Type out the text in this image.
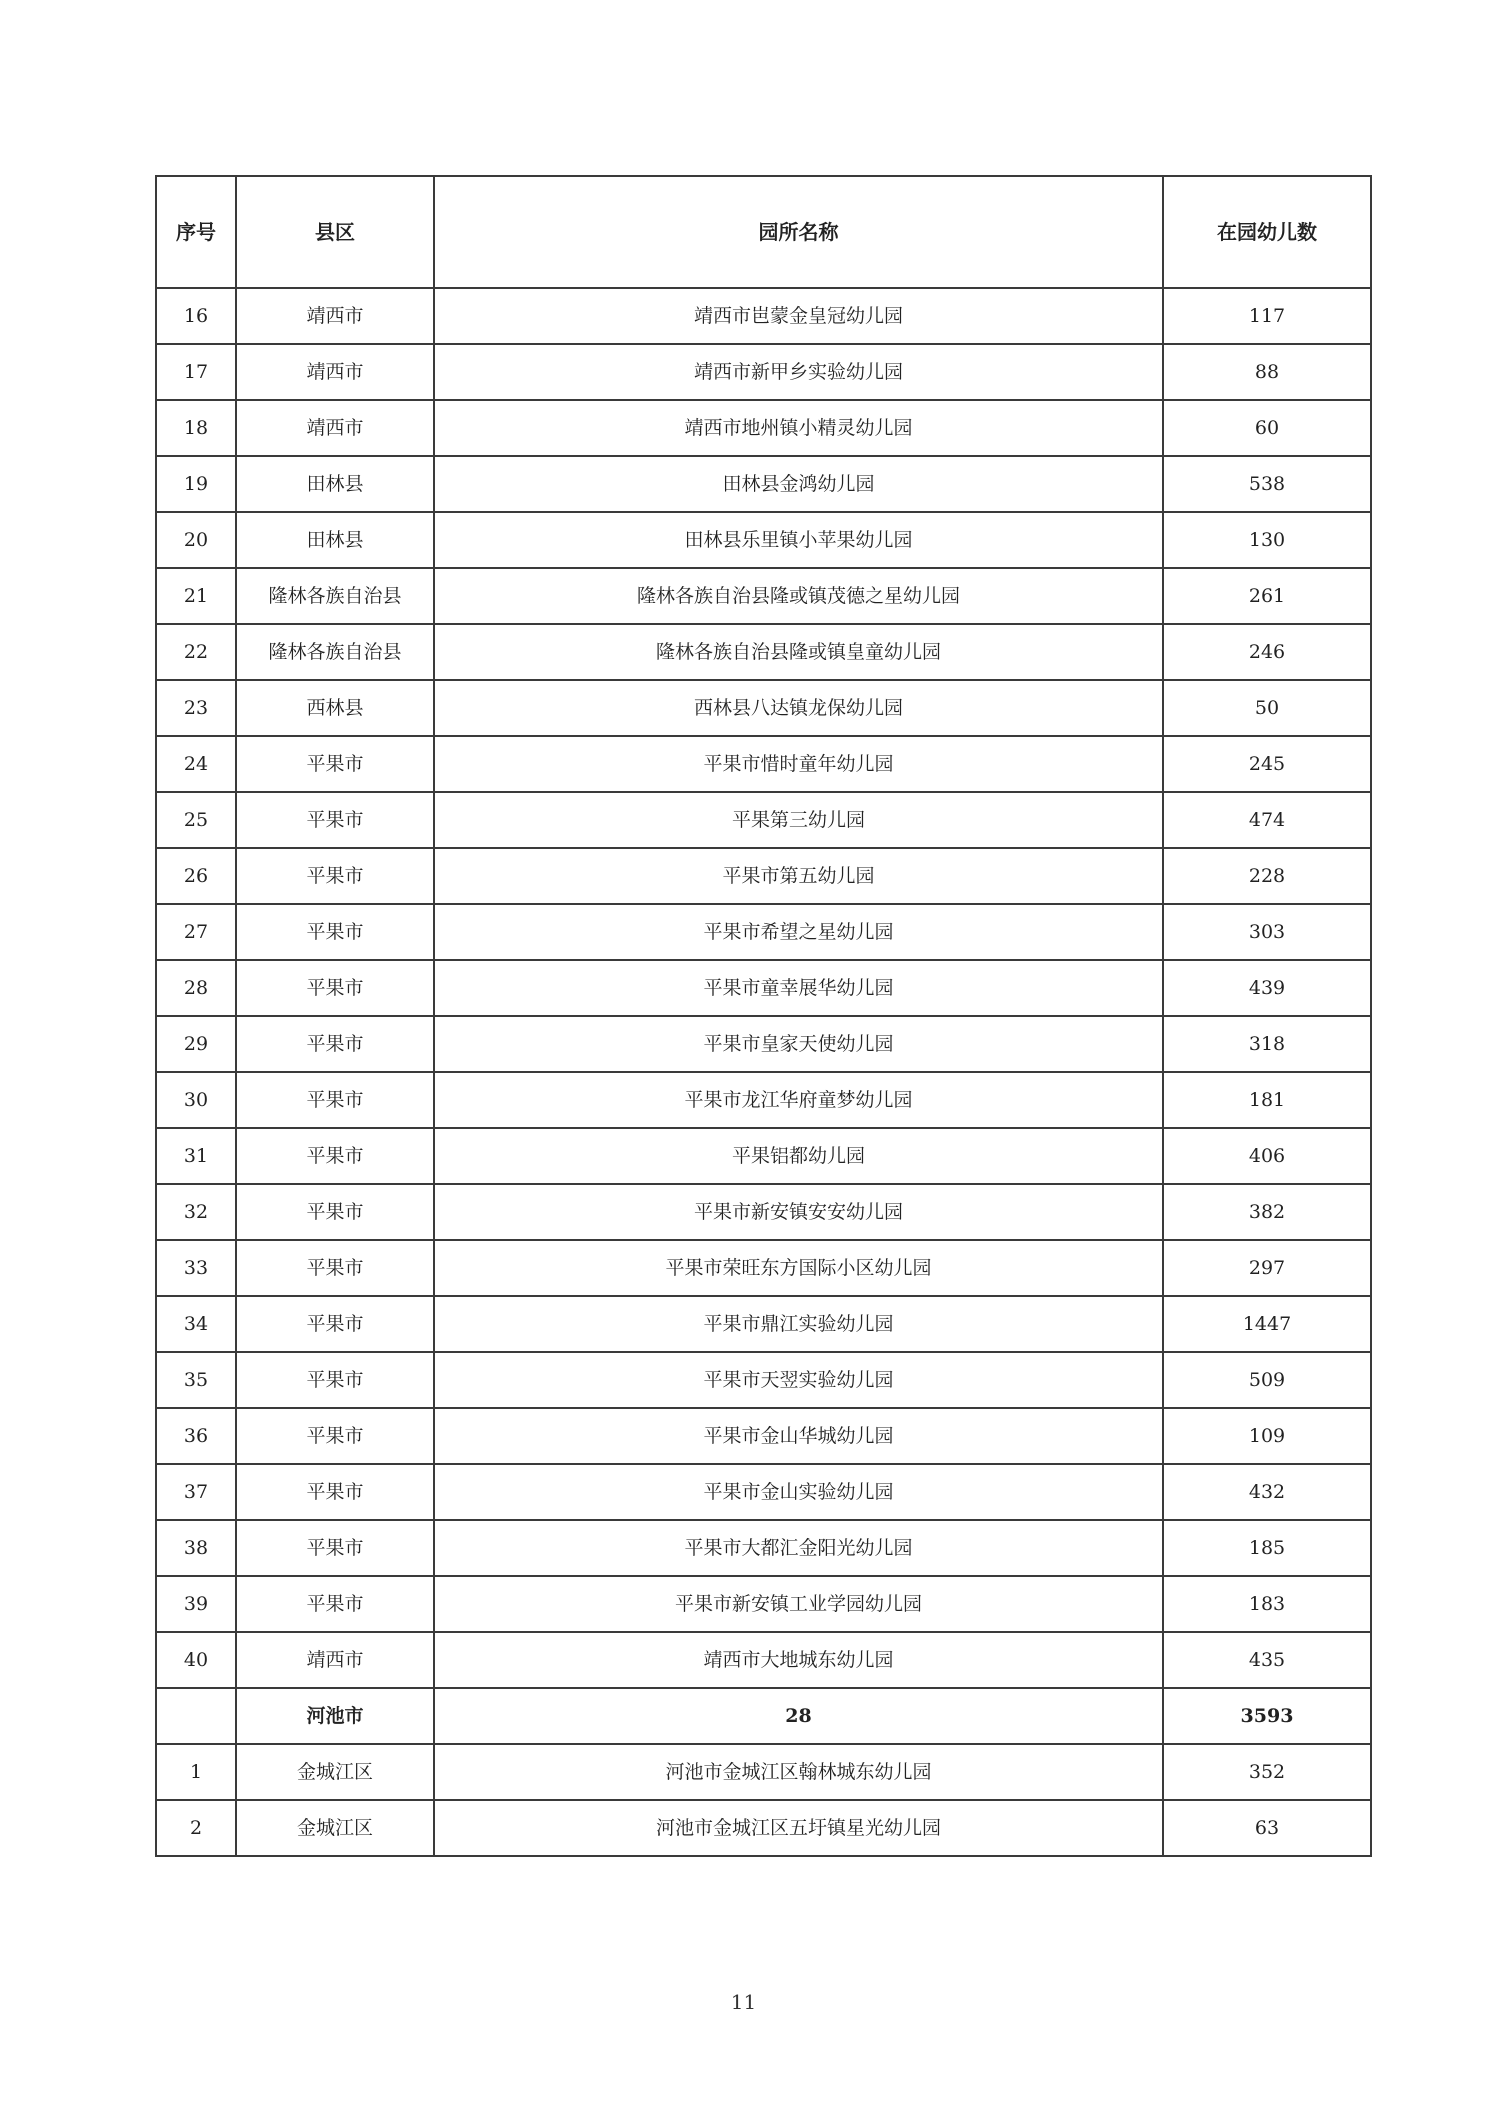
序号	县区	园所名称	在园幼儿数
16	靖西市	靖西市岜蒙金皇冠幼儿园	117
17	靖西市	靖西市新甲乡实验幼儿园	88
18	靖西市	靖西市地州镇小精灵幼儿园	60
19	田林县	田林县金鸿幼儿园	538
20	田林县	田林县乐里镇小苹果幼儿园	130
21	隆林各族自治县	隆林各族自治县隆或镇茂德之星幼儿园	261
22	隆林各族自治县	隆林各族自治县隆或镇皇童幼儿园	246
23	西林县	西林县八达镇龙保幼儿园	50
24	平果市	平果市惜时童年幼儿园	245
25	平果市	平果第三幼儿园	474
26	平果市	平果市第五幼儿园	228
27	平果市	平果市希望之星幼儿园	303
28	平果市	平果市童幸展华幼儿园	439
29	平果市	平果市皇家天使幼儿园	318
30	平果市	平果市龙江华府童梦幼儿园	181
31	平果市	平果铝都幼儿园	406
32	平果市	平果市新安镇安安幼儿园	382
33	平果市	平果市荣旺东方国际小区幼儿园	297
34	平果市	平果市鼎江实验幼儿园	1447
35	平果市	平果市天翌实验幼儿园	509
36	平果市	平果市金山华城幼儿园	109
37	平果市	平果市金山实验幼儿园	432
38	平果市	平果市大都汇金阳光幼儿园	185
39	平果市	平果市新安镇工业学园幼儿园	183
40	靖西市	靖西市大地城东幼儿园	435
	河池市	28	3593
1	金城江区	河池市金城江区翰林城东幼儿园	352
2	金城江区	河池市金城江区五圩镇星光幼儿园	63
11
